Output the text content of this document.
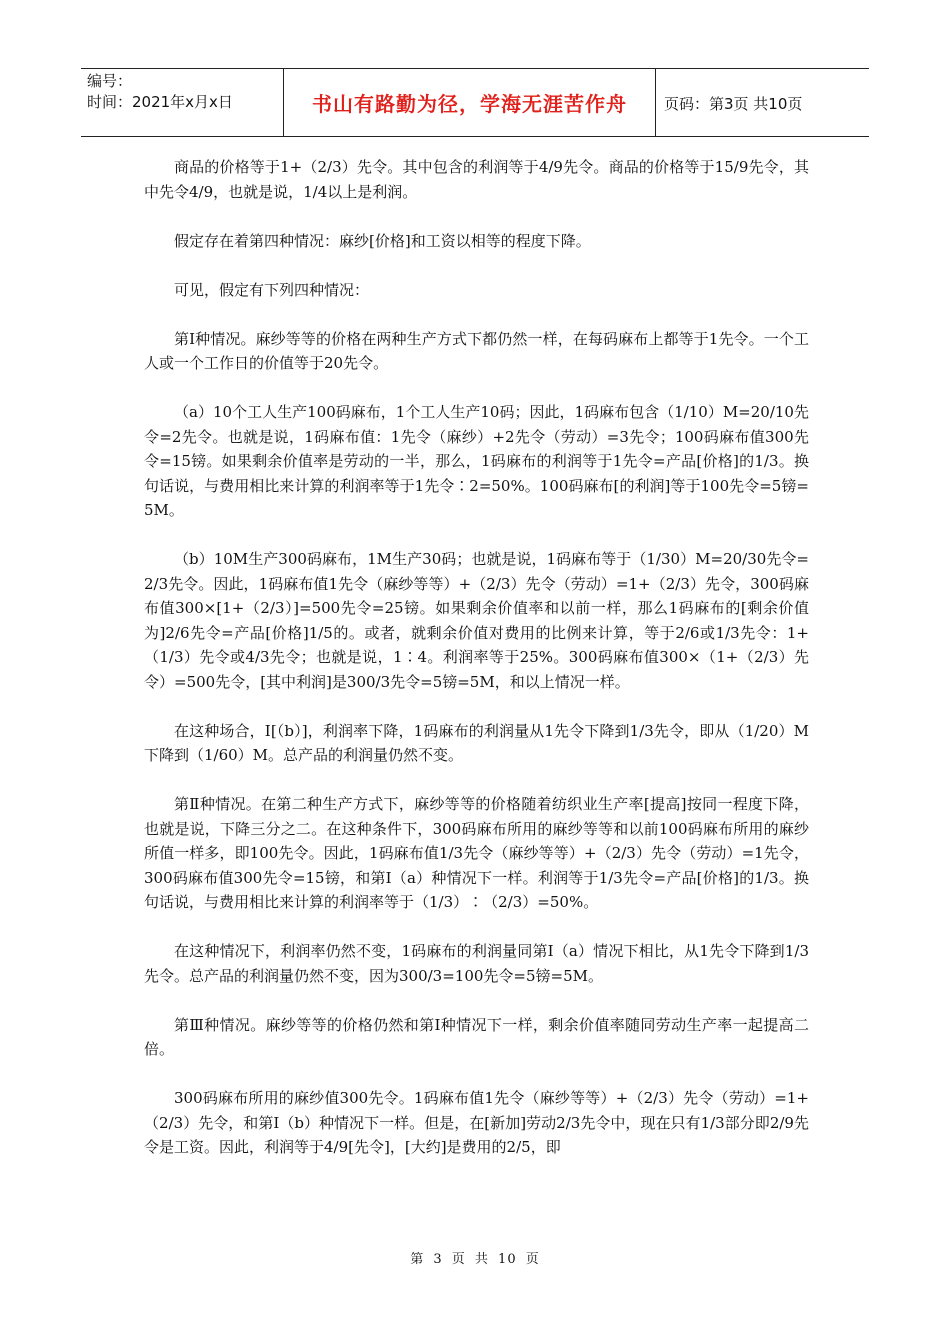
编号：
时间：2021年x月x日	书山有路勤为径，学海无涯苦作舟	页码：第3页 共10页

商品的价格等于1+（2/3）先令。其中包含的利润等于4/9先令。商品的价格等于15/9先令，其中先令4/9，也就是说，1/4以上是利润。

假定存在着第四种情况：麻纱[价格]和工资以相等的程度下降。

可见，假定有下列四种情况：

第Ⅰ种情况。麻纱等等的价格在两种生产方式下都仍然一样，在每码麻布上都等于1先令。一个工人或一个工作日的价值等于20先令。

（a）10个工人生产100码麻布，1个工人生产10码；因此，1码麻布包含（1/10）M=20/10先令=2先令。也就是说，1码麻布值：1先令（麻纱）+2先令（劳动）=3先令；100码麻布值300先令=15镑。如果剩余价值率是劳动的一半，那么，1码麻布的利润等于1先令=产品[价格]的1/3。换句话说，与费用相比来计算的利润率等于1先令∶2=50%。100码麻布[的利润]等于100先令=5镑=5M。

（b）10M生产300码麻布，1M生产30码；也就是说，1码麻布等于（1/30）M=20/30先令=2/3先令。因此，1码麻布值1先令（麻纱等等）+（2/3）先令（劳动）=1+（2/3）先令，300码麻布值300×[1+（2/3）]=500先令=25镑。如果剩余价值率和以前一样，那么1码麻布的[剩余价值为]2/6先令=产品[价格]1/5的。或者，就剩余价值对费用的比例来计算，等于2/6或1/3先令：1+（1/3）先令或4/3先令；也就是说，1∶4。利润率等于25%。300码麻布值300×（1+（2/3）先令）=500先令，[其中利润]是300/3先令=5镑=5M，和以上情况一样。

在这种场合，Ⅰ[（b）]，利润率下降，1码麻布的利润量从1先令下降到1/3先令，即从（1/20）M下降到（1/60）M。总产品的利润量仍然不变。

第Ⅱ种情况。在第二种生产方式下，麻纱等等的价格随着纺织业生产率[提高]按同一程度下降，也就是说，下降三分之二。在这种条件下，300码麻布所用的麻纱等等和以前100码麻布所用的麻纱所值一样多，即100先令。因此，1码麻布值1/3先令（麻纱等等）+（2/3）先令（劳动）=1先令，300码麻布值300先令=15镑，和第Ⅰ（a）种情况下一样。利润等于1/3先令=产品[价格]的1/3。换句话说，与费用相比来计算的利润率等于（1/3）∶（2/3）=50%。

在这种情况下，利润率仍然不变，1码麻布的利润量同第Ⅰ（a）情况下相比，从1先令下降到1/3先令。总产品的利润量仍然不变，因为300/3=100先令=5镑=5M。

第Ⅲ种情况。麻纱等等的价格仍然和第Ⅰ种情况下一样，剩余价值率随同劳动生产率一起提高二倍。

300码麻布所用的麻纱值300先令。1码麻布值1先令（麻纱等等）+（2/3）先令（劳动）=1+（2/3）先令，和第Ⅰ（b）种情况下一样。但是，在[新加]劳动2/3先令中，现在只有1/3部分即2/9先令是工资。因此，利润等于4/9[先令]，[大约]是费用的2/5，即

第 3 页 共 10 页
